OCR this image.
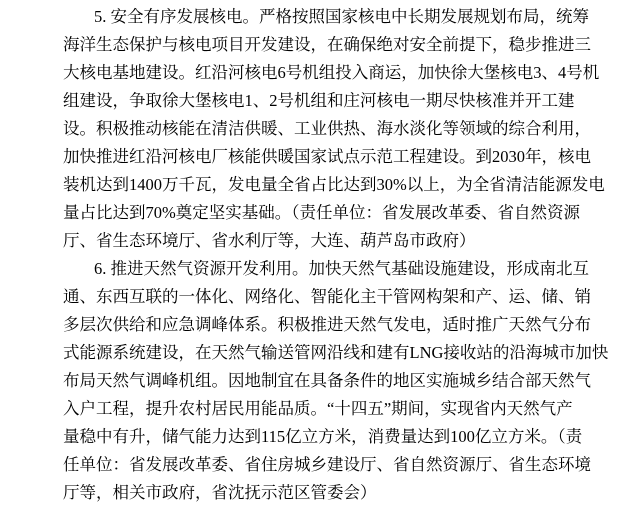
5. 安全有序发展核电。严格按照国家核电中长期发展规划布局，统筹
海洋生态保护与核电项目开发建设，在确保绝对安全前提下，稳步推进三
大核电基地建设。红沿河核电6号机组投入商运，加快徐大堡核电3、4号机
组建设，争取徐大堡核电1、2号机组和庄河核电一期尽快核准并开工建
设。积极推动核能在清洁供暖、工业供热、海水淡化等领域的综合利用，
加快推进红沿河核电厂核能供暖国家试点示范工程建设。到2030年，核电
装机达到1400万千瓦，发电量全省占比达到30%以上，为全省清洁能源发电
量占比达到70%奠定坚实基础。（责任单位：省发展改革委、省自然资源
厅、省生态环境厅、省水利厅等，大连、葫芦岛市政府）

6. 推进天然气资源开发利用。加快天然气基础设施建设，形成南北互
通、东西互联的一体化、网络化、智能化主干管网构架和产、运、储、销
多层次供给和应急调峰体系。积极推进天然气发电，适时推广天然气分布
式能源系统建设，在天然气输送管网沿线和建有LNG接收站的沿海城市加快
布局天然气调峰机组。因地制宜在具备条件的地区实施城乡结合部天然气
入户工程，提升农村居民用能品质。“十四五”期间，实现省内天然气产
量稳中有升，储气能力达到115亿立方米，消费量达到100亿立方米。（责
任单位：省发展改革委、省住房城乡建设厅、省自然资源厅、省生态环境
厅等，相关市政府，省沈抚示范区管委会）
